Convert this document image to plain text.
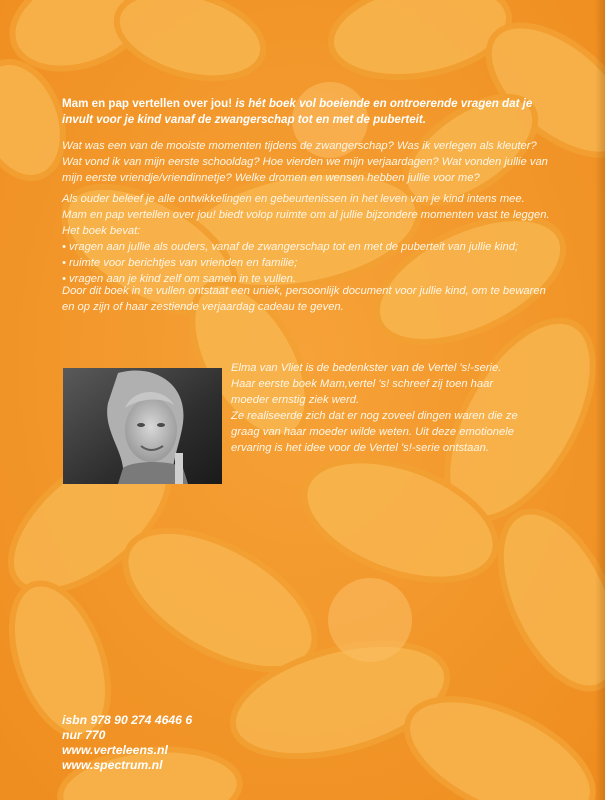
Mam en pap vertellen over jou! is hét boek vol boeiende en ontroerende vragen dat je invult voor je kind vanaf de zwangerschap tot en met de puberteit.

Wat was een van de mooiste momenten tijdens de zwangerschap? Was ik verlegen als kleuter? Wat vond ik van mijn eerste schooldag? Hoe vierden we mijn verjaardagen? Wat vonden jullie van mijn eerste vriendje/vriendinnetje? Welke dromen en wensen hebben jullie voor me?

Als ouder beleef je alle ontwikkelingen en gebeurtenissen in het leven van je kind intens mee.
Mam en pap vertellen over jou! biedt volop ruimte om al jullie bijzondere momenten vast te leggen.
Het boek bevat:
• vragen aan jullie als ouders, vanaf de zwangerschap tot en met de puberteit van jullie kind;
• ruimte voor berichtjes van vrienden en familie;
• vragen aan je kind zelf om samen in te vullen.

Door dit boek in te vullen ontstaat een uniek, persoonlijk document voor jullie kind, om te bewaren en op zijn of haar zestiende verjaardag cadeau te geven.

Elma van Vliet is de bedenkster van de Vertel 's!-serie.
Haar eerste boek Mam,vertel 's! schreef zij toen haar moeder ernstig ziek werd.
Ze realiseerde zich dat er nog zoveel dingen waren die ze graag van haar moeder wilde weten. Uit deze emotionele ervaring is het idee voor de Vertel 's!-serie ontstaan.
isbn 978 90 274 4646 6
nur 770
www.verteleens.nl
www.spectrum.nl
